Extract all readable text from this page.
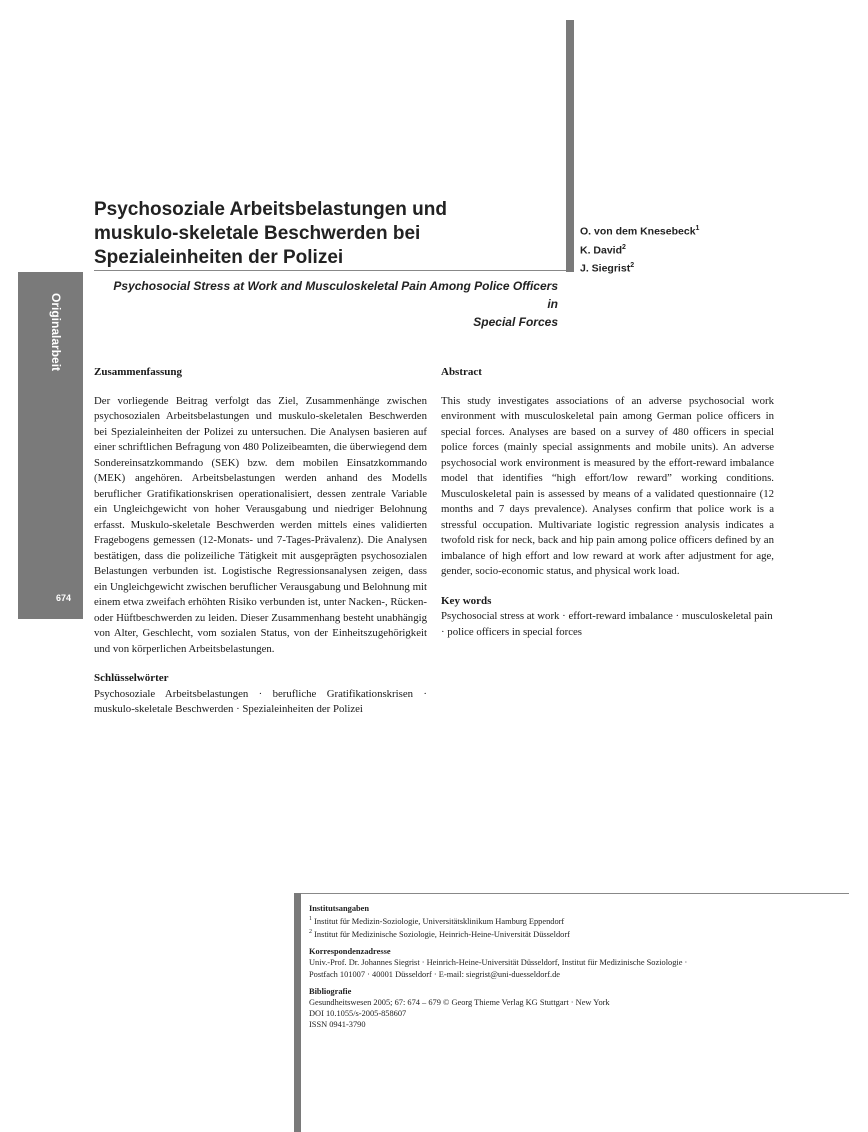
Psychosoziale Arbeitsbelastungen und
muskulo-skeletale Beschwerden bei
Spezialeinheiten der Polizei
O. von dem Knesebeck$^1$
K. David$^2$
J. Siegrist$^2$
Originalarbeit
674
Psychosocial Stress at Work and Musculoskeletal Pain Among Police Officers in
Special Forces

Zusammenfassung

Der vorliegende Beitrag verfolgt das Ziel, Zusammenhänge zwischen psychosozialen Arbeitsbelastungen und muskulo-skeletalen Beschwerden bei Spezialeinheiten der Polizei zu untersuchen. Die Analysen basieren auf einer schriftlichen Befragung von 480 Polizeibeamten, die überwiegend dem Sondereinsatzkommando (SEK) bzw. dem mobilen Einsatzkommando (MEK) angehören. Arbeitsbelastungen werden anhand des Modells beruflicher Gratifikationskrisen operationalisiert, dessen zentrale Variable ein Ungleichgewicht von hoher Verausgabung und niedriger Belohnung erfasst. Muskulo-skeletale Beschwerden werden mittels eines validierten Fragebogens gemessen (12-Monats- und 7-Tages-Prävalenz). Die Analysen bestätigen, dass die polizeiliche Tätigkeit mit ausgeprägten psychosozialen Belastungen verbunden ist. Logistische Regressionsanalysen zeigen, dass ein Ungleichgewicht zwischen beruflicher Verausgabung und Belohnung mit einem etwa zweifach erhöhten Risiko verbunden ist, unter Nacken-, Rücken- oder Hüftbeschwerden zu leiden. Dieser Zusammenhang besteht unabhängig von Alter, Geschlecht, vom sozialen Status, von der Einheitszugehörigkeit und von körperlichen Arbeitsbelastungen.

Schlüsselwörter

Psychosoziale Arbeitsbelastungen · berufliche Gratifikationskrisen · muskulo-skeletale Beschwerden · Spezialeinheiten der Polizei

Abstract

This study investigates associations of an adverse psychosocial work environment with musculoskeletal pain among German police officers in special forces. Analyses are based on a survey of 480 officers in special police forces (mainly special assignments and mobile units). An adverse psychosocial work environment is measured by the effort-reward imbalance model that identifies “high effort/low reward” working conditions. Musculoskeletal pain is assessed by means of a validated questionnaire (12 months and 7 days prevalence). Analyses confirm that police work is a stressful occupation. Multivariate logistic regression analysis indicates a twofold risk for neck, back and hip pain among police officers defined by an imbalance of high effort and low reward at work after adjustment for age, gender, socio-economic status, and physical work load.

Key words

Psychosocial stress at work · effort-reward imbalance · musculoskeletal pain · police officers in special forces

Institutsangaben
$^1$ Institut für Medizin-Soziologie, Universitätsklinikum Hamburg Eppendorf
$^2$ Institut für Medizinische Soziologie, Heinrich-Heine-Universität Düsseldorf
Korrespondenzadresse
Univ.-Prof. Dr. Johannes Siegrist · Heinrich-Heine-Universität Düsseldorf, Institut für Medizinische Soziologie ·
Postfach 101007 · 40001 Düsseldorf · E-mail: siegrist@uni-duesseldorf.de
Bibliografie
Gesundheitswesen 2005; 67: 674 – 679 © Georg Thieme Verlag KG Stuttgart · New York
DOI 10.1055/s-2005-858607
ISSN 0941-3790
